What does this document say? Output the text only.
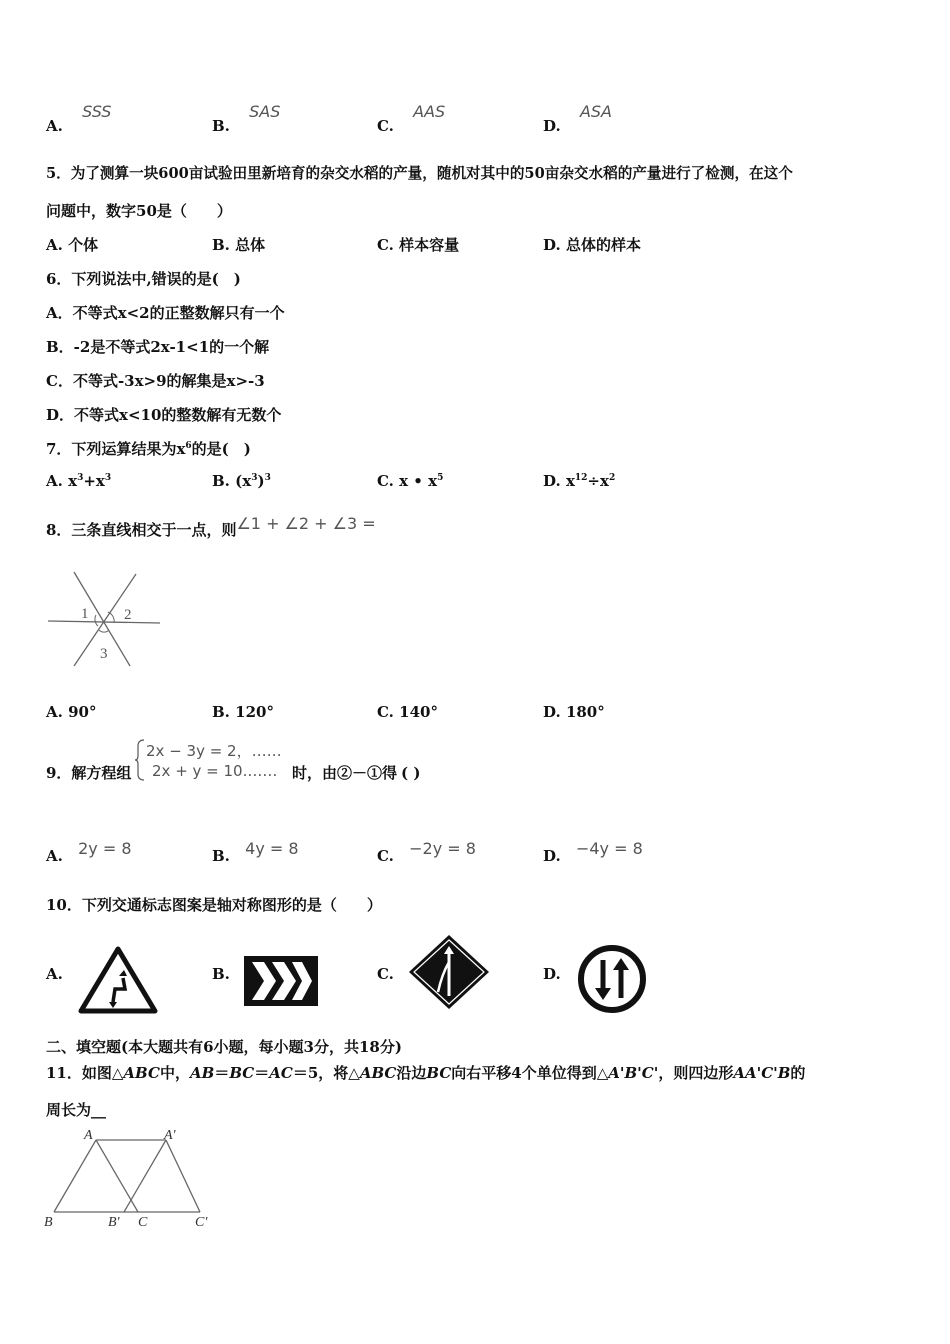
A. SSS
B. SAS
C. AAS
D. ASA
5．为了测算一块600亩试验田里新培育的杂交水稻的产量，随机对其中的50亩杂交水稻的产量进行了检测，在这个
问题中，数字50是（　　）
A. 个体	B. 总体	C. 样本容量	D. 总体的样本
6．下列说法中,错误的是(　)
A．不等式x<2的正整数解只有一个
B．-2是不等式2x-1<1的一个解
C．不等式-3x>9的解集是x>-3
D．不等式x<10的整数解有无数个
7．下列运算结果为$x^6$的是(　)
A. $x^3+x^3$	B. $(x^3)^3$	C. x • $x^5$	D. $x^{12}\div x^2$
8．三条直线相交于一点，则∠1 + ∠2 + ∠3 =
1 2
3
A. 90°	B. 120°	C. 140°	D. 180°
9．解方程组
2x − 3y = 2，……
2x + y = 10.…… 时，由②－①得 ( )
A. 2y = 8	B. 4y = 8	C. −2y = 8	D. −4y = 8
10．下列交通标志图案是轴对称图形的是（　　）
A.	B.	C.	D.
二、填空题(本大题共有6小题，每小题3分，共18分)
11．如图△ABC中，AB＝BC＝AC＝5，将△ABC沿边BC向右平移4个单位得到△A'B'C'，则四边形AA'C'B的
周长为__
A	A'
B	B' C	C'
